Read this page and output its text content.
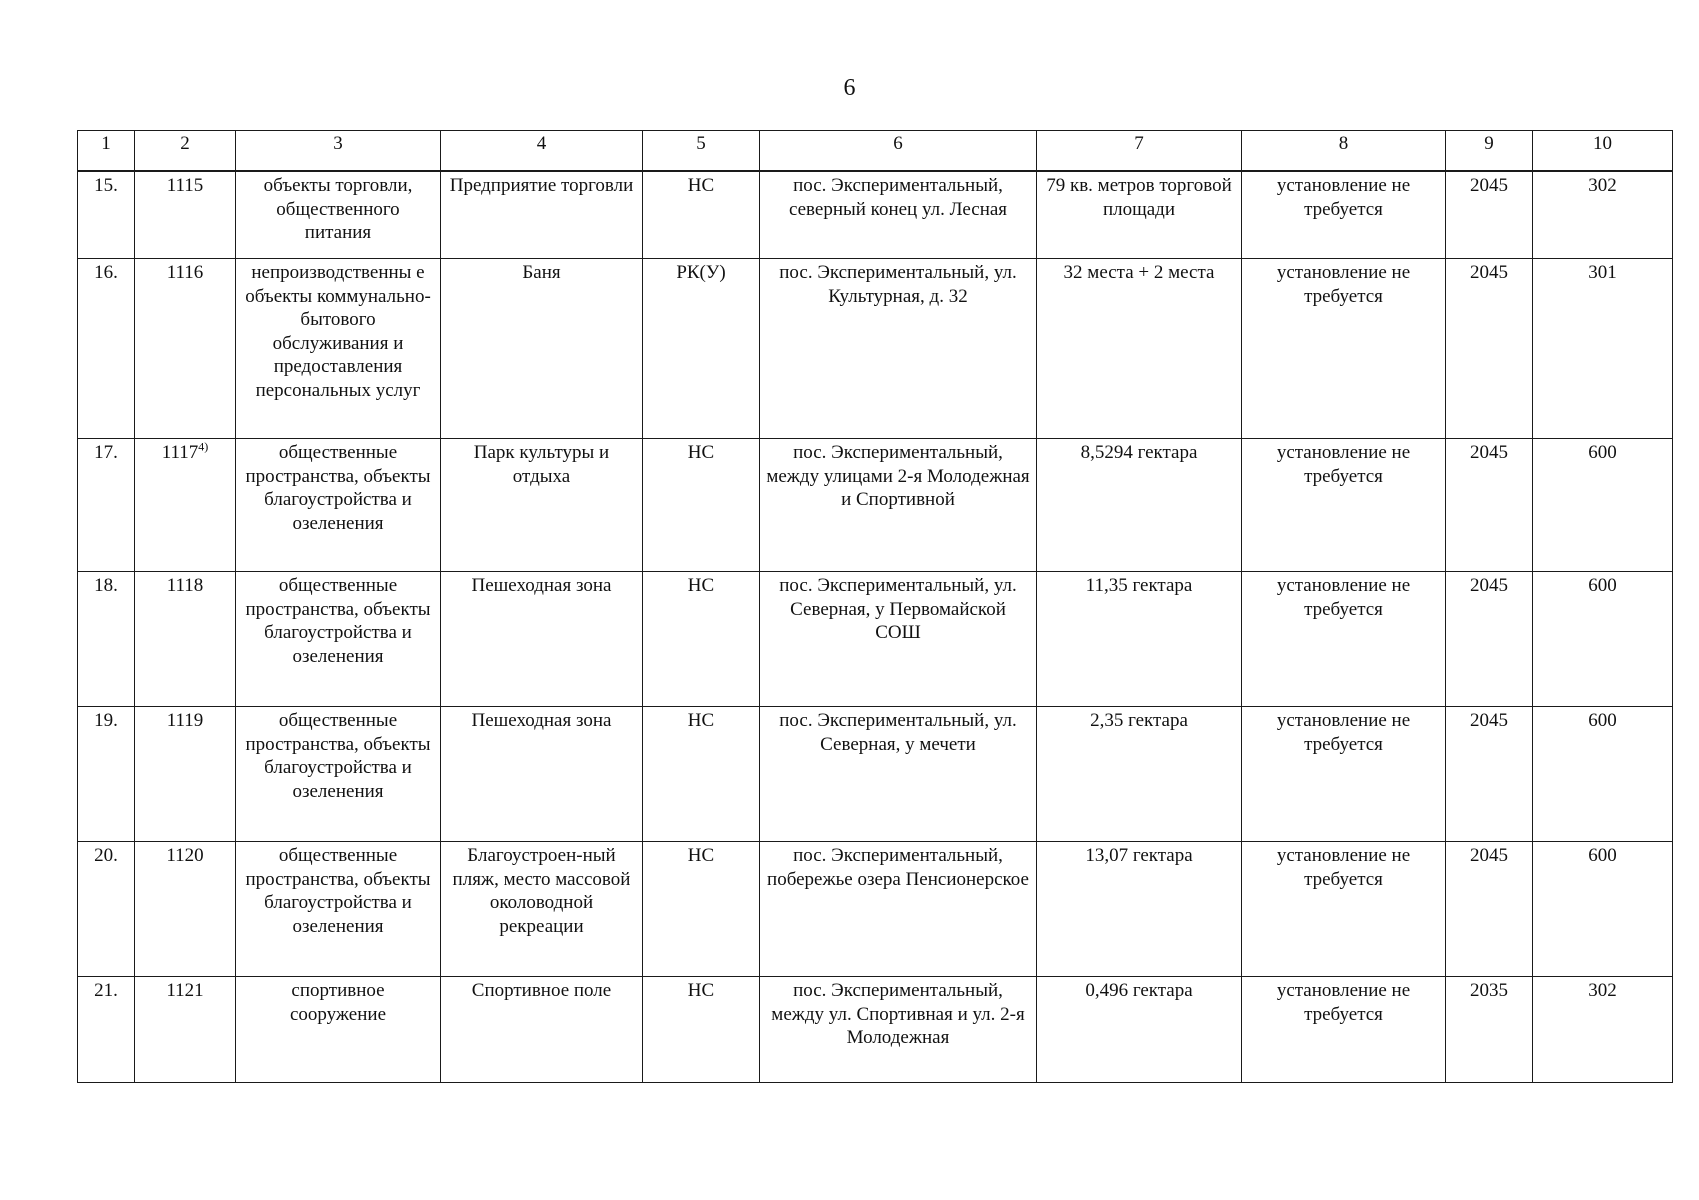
6
1	2	3	4	5	6	7	8	9	10
15.	1115	объекты торговли, общественного питания	Предприятие торговли	НС	пос. Экспериментальный, северный конец ул. Лесная	79 кв. метров торговой площади	установление не требуется	2045	302
16.	1116	непроизводственны е объекты коммунально-бытового обслуживания и предоставления персональных услуг	Баня	РК(У)	пос. Экспериментальный, ул. Культурная, д. 32	32 места + 2 места	установление не требуется	2045	301
17.	1117$^{4)}$	общественные пространства, объекты благоустройства и озеленения	Парк культуры и отдыха	НС	пос. Экспериментальный, между улицами 2-я Молодежная и Спортивной	8,5294 гектара	установление не требуется	2045	600
18.	1118	общественные пространства, объекты благоустройства и озеленения	Пешеходная зона	НС	пос. Экспериментальный, ул. Северная, у Первомайской СОШ	11,35 гектара	установление не требуется	2045	600
19.	1119	общественные пространства, объекты благоустройства и озеленения	Пешеходная зона	НС	пос. Экспериментальный, ул. Северная, у мечети	2,35 гектара	установление не требуется	2045	600
20.	1120	общественные пространства, объекты благоустройства и озеленения	Благоустроен-ный пляж, место массовой околоводной рекреации	НС	пос. Экспериментальный, побережье озера Пенсионерское	13,07 гектара	установление не требуется	2045	600
21.	1121	спортивное сооружение	Спортивное поле	НС	пос. Экспериментальный, между ул. Спортивная и ул. 2-я Молодежная	0,496 гектара	установление не требуется	2035	302
